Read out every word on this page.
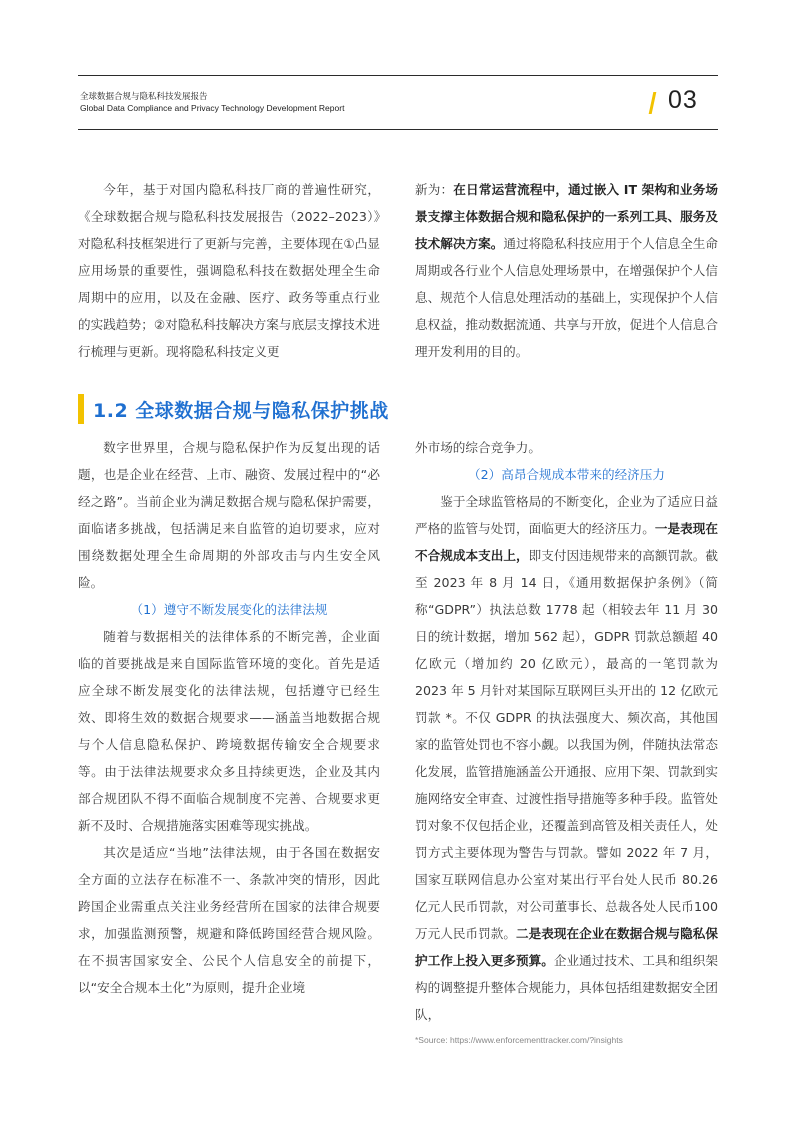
全球数据合规与隐私科技发展报告
Global Data Compliance and Privacy Technology Development Report	03

今年，基于对国内隐私科技厂商的普遍性研究，《全球数据合规与隐私科技发展报告（2022–2023）》对隐私科技框架进行了更新与完善，主要体现在①凸显应用场景的重要性，强调隐私科技在数据处理全生命周期中的应用，以及在金融、医疗、政务等重点行业的实践趋势；②对隐私科技解决方案与底层支撑技术进行梳理与更新。现将隐私科技定义更

新为：在日常运营流程中，通过嵌入 IT 架构和业务场景支撑主体数据合规和隐私保护的一系列工具、服务及技术解决方案。通过将隐私科技应用于个人信息全生命周期或各行业个人信息处理场景中，在增强保护个人信息、规范个人信息处理活动的基础上，实现保护个人信息权益，推动数据流通、共享与开放，促进个人信息合理开发利用的目的。

1.2 全球数据合规与隐私保护挑战

数字世界里，合规与隐私保护作为反复出现的话题，也是企业在经营、上市、融资、发展过程中的“必经之路”。当前企业为满足数据合规与隐私保护需要，面临诸多挑战，包括满足来自监管的迫切要求，应对围绕数据处理全生命周期的外部攻击与内生安全风险。

（1）遵守不断发展变化的法律法规

随着与数据相关的法律体系的不断完善，企业面临的首要挑战是来自国际监管环境的变化。首先是适应全球不断发展变化的法律法规，包括遵守已经生效、即将生效的数据合规要求——涵盖当地数据合规与个人信息隐私保护、跨境数据传输安全合规要求等。由于法律法规要求众多且持续更迭，企业及其内部合规团队不得不面临合规制度不完善、合规要求更新不及时、合规措施落实困难等现实挑战。

其次是适应“当地”法律法规，由于各国在数据安全方面的立法存在标准不一、条款冲突的情形，因此跨国企业需重点关注业务经营所在国家的法律合规要求，加强监测预警，规避和降低跨国经营合规风险。在不损害国家安全、公民个人信息安全的前提下，以“安全合规本土化”为原则，提升企业境

外市场的综合竞争力。

（2）高昂合规成本带来的经济压力

鉴于全球监管格局的不断变化，企业为了适应日益严格的监管与处罚，面临更大的经济压力。一是表现在不合规成本支出上，即支付因违规带来的高额罚款。截至 2023 年 8 月 14 日，《通用数据保护条例》（简称“GDPR”）执法总数 1778 起（相较去年 11 月 30 日的统计数据，增加 562 起），GDPR 罚款总额超 40 亿欧元（增加约 20 亿欧元），最高的一笔罚款为 2023 年 5 月针对某国际互联网巨头开出的 12 亿欧元罚款 *。不仅 GDPR 的执法强度大、频次高，其他国家的监管处罚也不容小觑。以我国为例，伴随执法常态化发展，监管措施涵盖公开通报、应用下架、罚款到实施网络安全审查、过渡性指导措施等多种手段。监管处罚对象不仅包括企业，还覆盖到高管及相关责任人，处罚方式主要体现为警告与罚款。譬如 2022 年 7 月，国家互联网信息办公室对某出行平台处人民币 80.26亿元人民币罚款，对公司董事长、总裁各处人民币100万元人民币罚款。二是表现在企业在数据合规与隐私保护工作上投入更多预算。企业通过技术、工具和组织架构的调整提升整体合规能力，具体包括组建数据安全团队，

*Source: https://www.enforcementtracker.com/?insights
